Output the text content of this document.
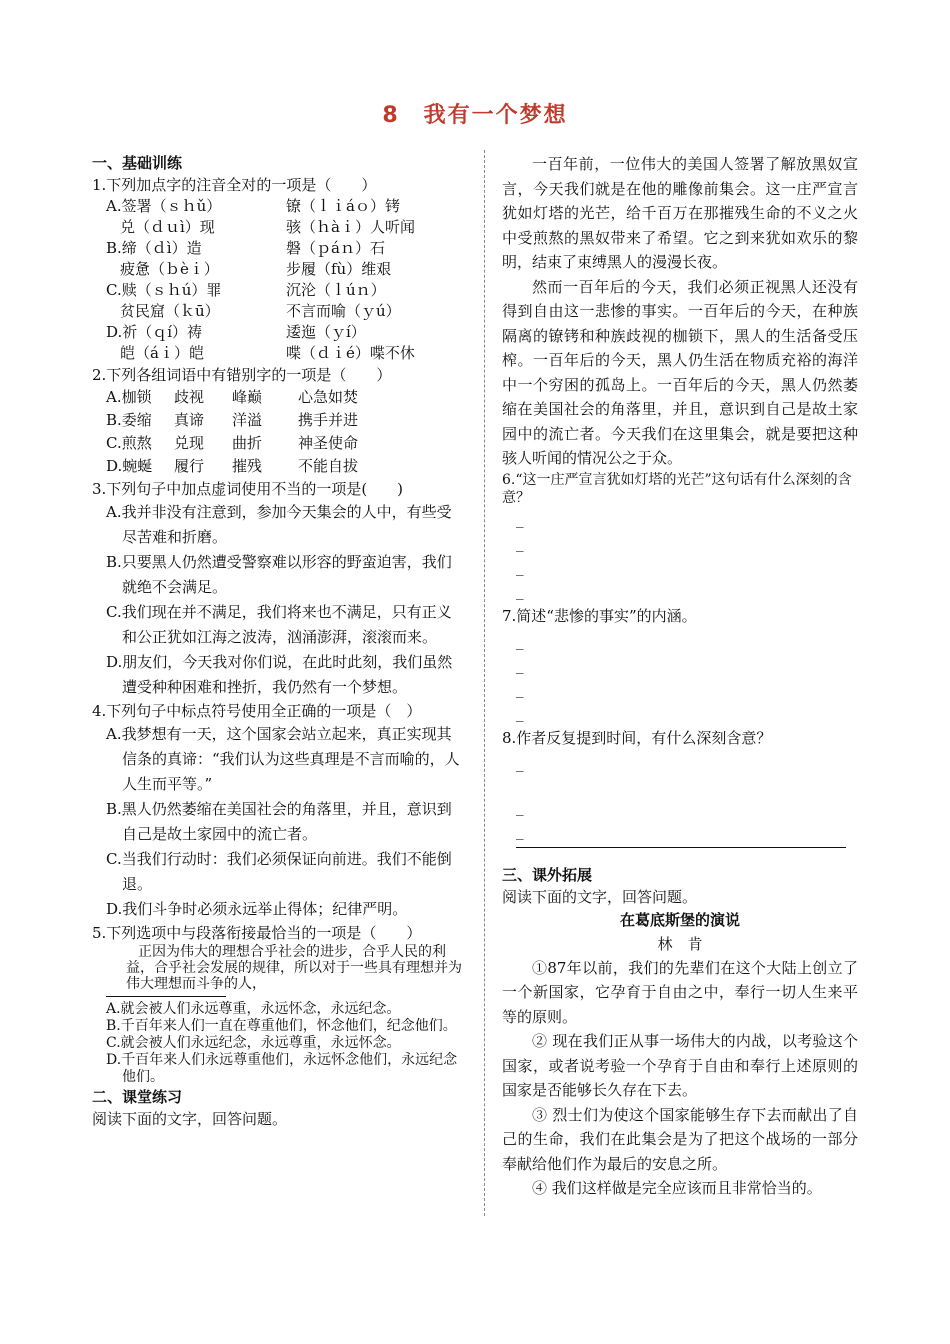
8　我有一个梦想
一、基础训练
1.下列加点字的注音全对的一项是（　　）
A.签署（ｓｈǔ）	镣（ｌｉáｏ）铐
兑（ｄｕì）现	骇（ｈàｉ）人听闻
B.缔（ｄì）造	磐（ｐáｎ）石
疲惫（ｂèｉ）	步履（fù）维艰
C.赎（ｓｈú）罪	沉沦（ｌúｎ）
贫民窟（ｋū）	不言而喻（ｙú）
D.祈（ｑí）祷	逶迤（ｙí）
皑（áｉ）皑	喋（ｄｉé）喋不休
2.下列各组词语中有错别字的一项是（　　）
A.枷锁	歧视	峰巅	心急如焚
B.委缩	真谛	洋溢	携手并进
C.煎熬	兑现	曲折	神圣使命
D.蜿蜒	履行	摧残	不能自拔
3.下列句子中加点虚词使用不当的一项是(　　)
A.我并非没有注意到，参加今天集会的人中，有些受尽苦难和折磨。
B.只要黑人仍然遭受警察难以形容的野蛮迫害，我们就绝不会满足。
C.我们现在并不满足，我们将来也不满足，只有正义和公正犹如江海之波涛，汹涌澎湃，滚滚而来。
D.朋友们，今天我对你们说，在此时此刻，我们虽然遭受种种困难和挫折，我仍然有一个梦想。
4.下列句子中标点符号使用全正确的一项是（　）
A.我梦想有一天，这个国家会站立起来，真正实现其信条的真谛：“我们认为这些真理是不言而喻的，人人生而平等。”
B.黑人仍然萎缩在美国社会的角落里，并且，意识到自己是故土家园中的流亡者。
C.当我们行动时：我们必须保证向前进。我们不能倒退。
D.我们斗争时必须永远举止得体；纪律严明。
5.下列选项中与段落衔接最恰当的一项是（　　）
正因为伟大的理想合乎社会的进步，合乎人民的利益，合乎社会发展的规律，所以对于一些具有理想并为伟大理想而斗争的人，
A.就会被人们永远尊重，永远怀念，永远纪念。
B.千百年来人们一直在尊重他们，怀念他们，纪念他们。
C.就会被人们永远纪念，永远尊重，永远怀念。
D.千百年来人们永远尊重他们，永远怀念他们，永远纪念他们。
二、课堂练习
阅读下面的文字，回答问题。
一百年前，一位伟大的美国人签署了解放黑奴宣言，今天我们就是在他的雕像前集会。这一庄严宣言犹如灯塔的光芒，给千百万在那摧残生命的不义之火中受煎熬的黑奴带来了希望。它之到来犹如欢乐的黎明，结束了束缚黑人的漫漫长夜。
然而一百年后的今天，我们必须正视黑人还没有得到自由这一悲惨的事实。一百年后的今天，在种族隔离的镣铐和种族歧视的枷锁下，黑人的生活备受压榨。一百年后的今天，黑人仍生活在物质充裕的海洋中一个穷困的孤岛上。一百年后的今天，黑人仍然萎缩在美国社会的角落里，并且，意识到自己是故土家园中的流亡者。今天我们在这里集会，就是要把这种骇人听闻的情况公之于众。
6.“这一庄严宣言犹如灯塔的光芒”这句话有什么深刻的含意？
_
_
_
_
7.简述“悲惨的事实”的内涵。
_
_
_
_
8.作者反复提到时间，有什么深刻含意？
_
_
_
三、课外拓展
阅读下面的文字，回答问题。
在葛底斯堡的演说
林　肯
①87年以前，我们的先辈们在这个大陆上创立了一个新国家，它孕育于自由之中，奉行一切人生来平等的原则。
② 现在我们正从事一场伟大的内战，以考验这个国家，或者说考验一个孕育于自由和奉行上述原则的国家是否能够长久存在下去。
③ 烈士们为使这个国家能够生存下去而献出了自己的生命，我们在此集会是为了把这个战场的一部分奉献给他们作为最后的安息之所。
④ 我们这样做是完全应该而且非常恰当的。
